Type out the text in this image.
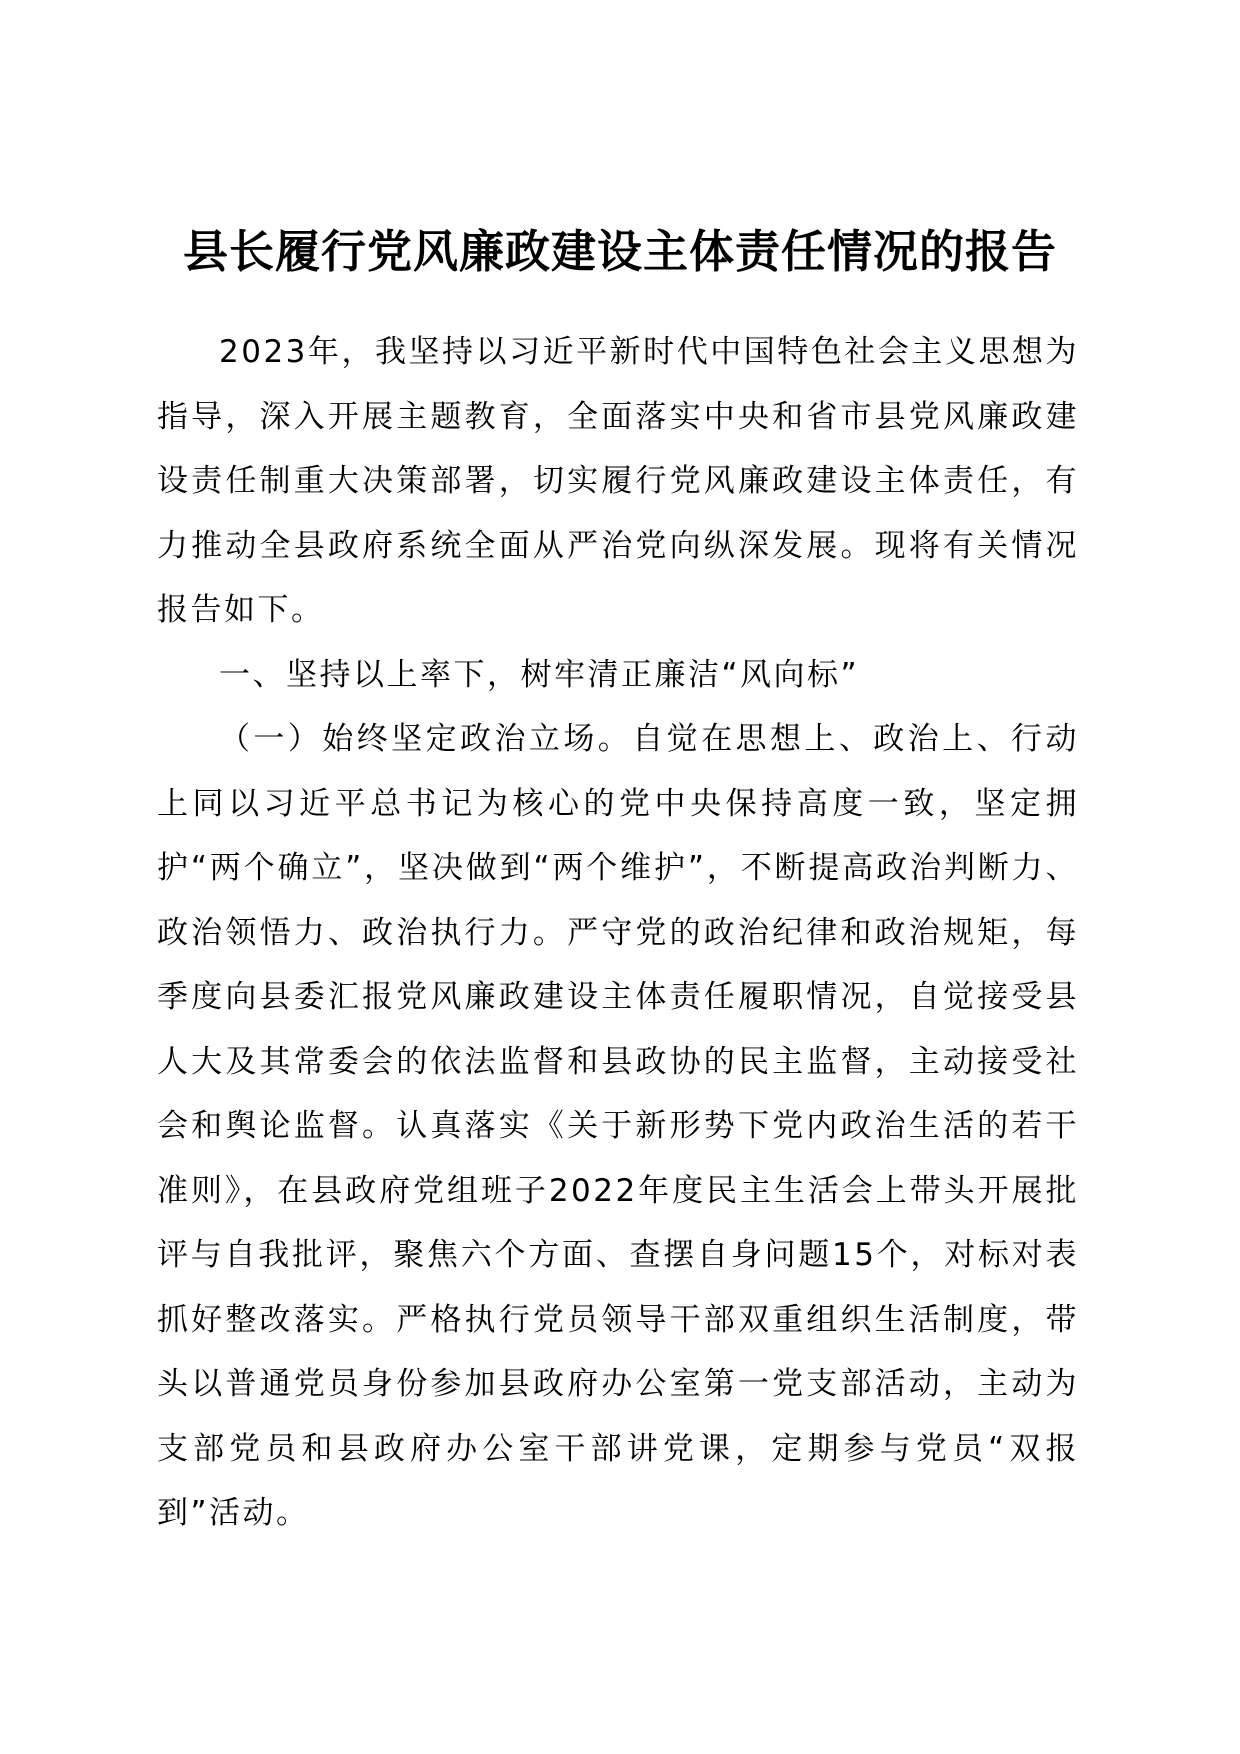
县长履行党风廉政建设主体责任情况的报告

2023年，我坚持以习近平新时代中国特色社会主义思想为指导，深入开展主题教育，全面落实中央和省市县党风廉政建设责任制重大决策部署，切实履行党风廉政建设主体责任，有力推动全县政府系统全面从严治党向纵深发展。现将有关情况报告如下。

一、坚持以上率下，树牢清正廉洁“风向标”

（一）始终坚定政治立场。自觉在思想上、政治上、行动上同以习近平总书记为核心的党中央保持高度一致，坚定拥护“两个确立”，坚决做到“两个维护”，不断提高政治判断力、政治领悟力、政治执行力。严守党的政治纪律和政治规矩，每季度向县委汇报党风廉政建设主体责任履职情况，自觉接受县人大及其常委会的依法监督和县政协的民主监督，主动接受社会和舆论监督。认真落实《关于新形势下党内政治生活的若干准则》，在县政府党组班子2022年度民主生活会上带头开展批评与自我批评，聚焦六个方面、查摆自身问题15个，对标对表抓好整改落实。严格执行党员领导干部双重组织生活制度，带头以普通党员身份参加县政府办公室第一党支部活动，主动为支部党员和县政府办公室干部讲党课，定期参与党员“双报到”活动。
